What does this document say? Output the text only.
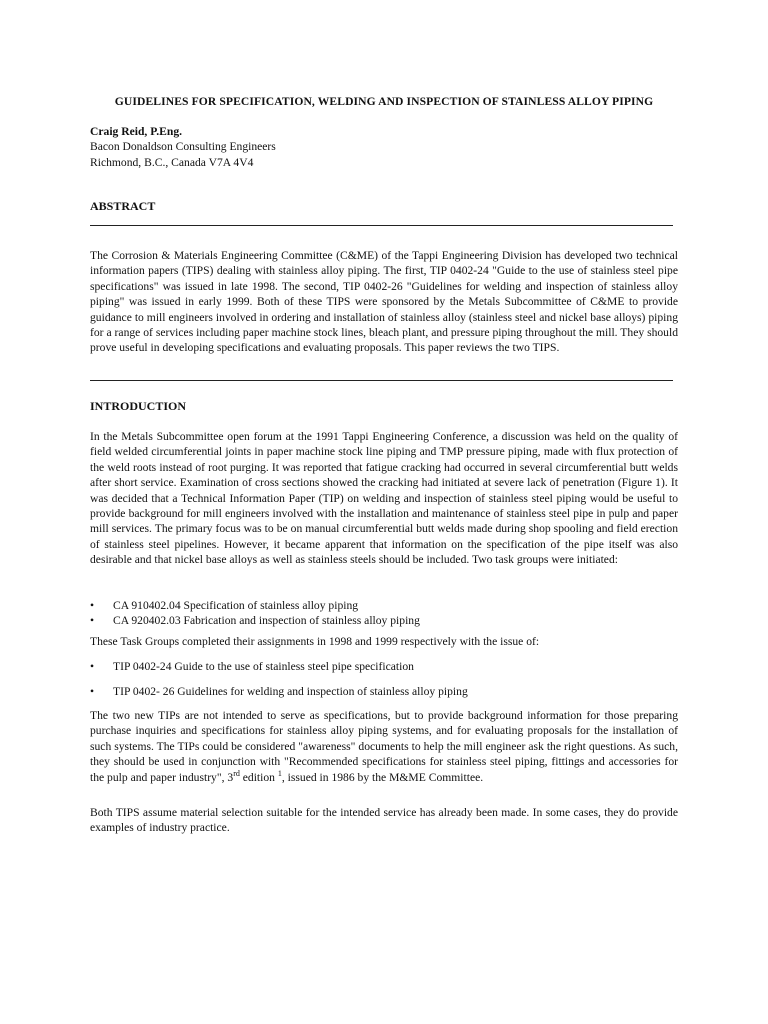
GUIDELINES FOR SPECIFICATION, WELDING AND INSPECTION OF STAINLESS ALLOY PIPING
Craig Reid, P.Eng.
Bacon Donaldson Consulting Engineers
Richmond, B.C., Canada V7A 4V4
ABSTRACT
The Corrosion & Materials Engineering Committee (C&ME) of the Tappi Engineering Division has developed two technical information papers (TIPS) dealing with stainless alloy piping. The first, TIP 0402-24 "Guide to the use of stainless steel pipe specifications" was issued in late 1998. The second, TIP 0402-26 "Guidelines for welding and inspection of stainless alloy piping" was issued in early 1999. Both of these TIPS were sponsored by the Metals Subcommittee of C&ME to provide guidance to mill engineers involved in ordering and installation of stainless alloy (stainless steel and nickel base alloys) piping for a range of services including paper machine stock lines, bleach plant, and pressure piping throughout the mill. They should prove useful in developing specifications and evaluating proposals. This paper reviews the two TIPS.
INTRODUCTION
In the Metals Subcommittee open forum at the 1991 Tappi Engineering Conference, a discussion was held on the quality of field welded circumferential joints in paper machine stock line piping and TMP pressure piping, made with flux protection of the weld roots instead of root purging. It was reported that fatigue cracking had occurred in several circumferential butt welds after short service. Examination of cross sections showed the cracking had initiated at severe lack of penetration (Figure 1). It was decided that a Technical Information Paper (TIP) on welding and inspection of stainless steel piping would be useful to provide background for mill engineers involved with the installation and maintenance of stainless steel pipe in pulp and paper mill services. The primary focus was to be on manual circumferential butt welds made during shop spooling and field erection of stainless steel pipelines. However, it became apparent that information on the specification of the pipe itself was also desirable and that nickel base alloys as well as stainless steels should be included. Two task groups were initiated:
• CA 910402.04 Specification of stainless alloy piping
• CA 920402.03 Fabrication and inspection of stainless alloy piping
These Task Groups completed their assignments in 1998 and 1999 respectively with the issue of:
• TIP 0402-24 Guide to the use of stainless steel pipe specification
• TIP 0402- 26 Guidelines for welding and inspection of stainless alloy piping
The two new TIPs are not intended to serve as specifications, but to provide background information for those preparing purchase inquiries and specifications for stainless alloy piping systems, and for evaluating proposals for the installation of such systems. The TIPs could be considered "awareness" documents to help the mill engineer ask the right questions. As such, they should be used in conjunction with "Recommended specifications for stainless steel piping, fittings and accessories for the pulp and paper industry", 3rd edition $^1$, issued in 1986 by the M&ME Committee.
Both TIPS assume material selection suitable for the intended service has already been made. In some cases, they do provide examples of industry practice.
